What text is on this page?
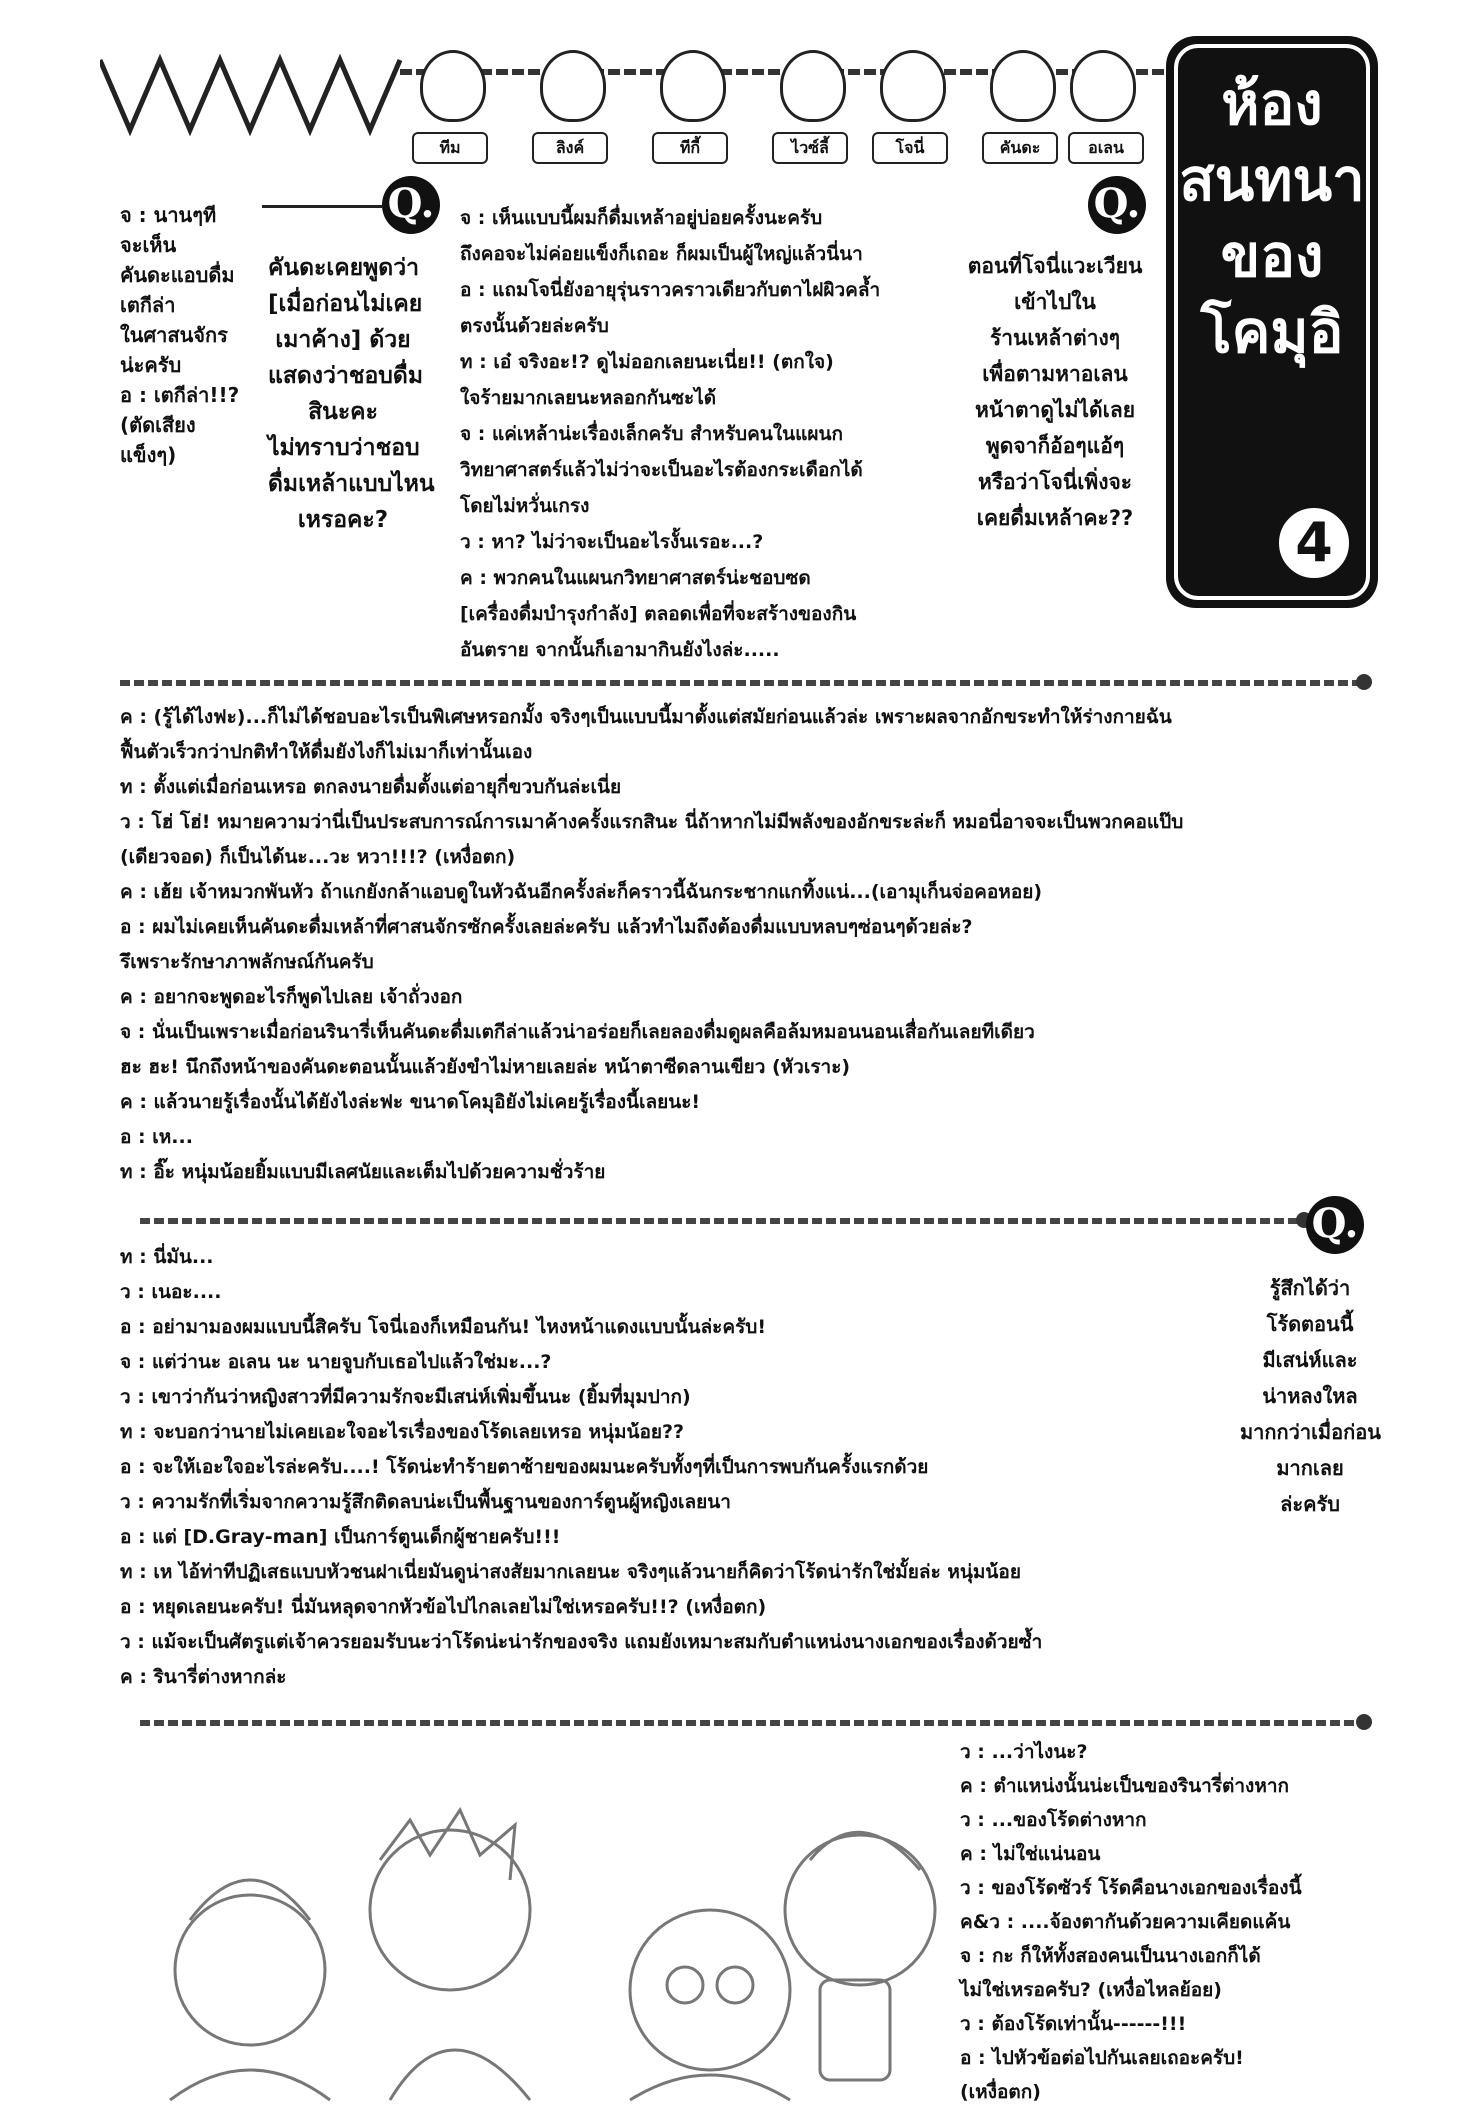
ทีม	ลิงค์	ทีกี้	ไวซ์ลี้	โจนี่	คันดะ	อเลน
ห้อง
สนทนา
ของ
โคมุอิ
4
จ : นานๆที
จะเห็น
คันดะแอบดื่ม
เตกีล่า
ในศาสนจักร
น่ะครับ
อ : เตกีล่า!!?
(ตัดเสียง
แข็งๆ)
Q.
คันดะเคยพูดว่า
[เมื่อก่อนไม่เคย
เมาค้าง] ด้วย
แสดงว่าชอบดื่ม
สินะคะ
ไม่ทราบว่าชอบ
ดื่มเหล้าแบบไหน
เหรอคะ?
จ : เห็นแบบนี้ผมก็ดื่มเหล้าอยู่บ่อยครั้งนะครับ
ถึงคอจะไม่ค่อยแข็งก็เถอะ ก็ผมเป็นผู้ใหญ่แล้วนี่นา
อ : แถมโจนี่ยังอายุรุ่นราวคราวเดียวกับตาไฝผิวคล้ำ
ตรงนั้นด้วยล่ะครับ
ท : เอ๋ จริงอะ!? ดูไม่ออกเลยนะเนี่ย!! (ตกใจ)
ใจร้ายมากเลยนะหลอกกันซะได้
จ : แค่เหล้าน่ะเรื่องเล็กครับ สำหรับคนในแผนก
วิทยาศาสตร์แล้วไม่ว่าจะเป็นอะไรต้องกระเดือกได้
โดยไม่หวั่นเกรง
ว : หา? ไม่ว่าจะเป็นอะไรงั้นเรอะ...?
ค : พวกคนในแผนกวิทยาศาสตร์น่ะชอบซด
[เครื่องดื่มบำรุงกำลัง] ตลอดเพื่อที่จะสร้างของกิน
อันตราย จากนั้นก็เอามากินยังไงล่ะ.....
Q.
ตอนที่โจนี่แวะเวียน
เข้าไปใน
ร้านเหล้าต่างๆ
เพื่อตามหาอเลน
หน้าตาดูไม่ได้เลย
พูดจาก็อ้อๆแอ้ๆ
หรือว่าโจนี่เพิ่งจะ
เคยดื่มเหล้าคะ??
ค : (รู้ได้ไงฟะ)...ก็ไม่ได้ชอบอะไรเป็นพิเศษหรอกมั้ง จริงๆเป็นแบบนี้มาตั้งแต่สมัยก่อนแล้วล่ะ เพราะผลจากอักขระทำให้ร่างกายฉัน
ฟื้นตัวเร็วกว่าปกติทำให้ดื่มยังไงก็ไม่เมาก็เท่านั้นเอง
ท : ตั้งแต่เมื่อก่อนเหรอ ตกลงนายดื่มตั้งแต่อายุกี่ขวบกันล่ะเนี่ย
ว : โฮ่ โฮ่! หมายความว่านี่เป็นประสบการณ์การเมาค้างครั้งแรกสินะ นี่ถ้าหากไม่มีพลังของอักขระล่ะก็ หมอนี่อาจจะเป็นพวกคอแป๊บ
(เดียวจอด) ก็เป็นได้นะ...วะ หวา!!!? (เหงื่อตก)
ค : เฮ้ย เจ้าหมวกพันหัว ถ้าแกยังกล้าแอบดูในหัวฉันอีกครั้งล่ะก็คราวนี้ฉันกระชากแกทิ้งแน่...(เอามุเก็นจ่อคอหอย)
อ : ผมไม่เคยเห็นคันดะดื่มเหล้าที่ศาสนจักรซักครั้งเลยล่ะครับ แล้วทำไมถึงต้องดื่มแบบหลบๆซ่อนๆด้วยล่ะ?
รึเพราะรักษาภาพลักษณ์กันครับ
ค : อยากจะพูดอะไรก็พูดไปเลย เจ้าถั่วงอก
จ : นั่นเป็นเพราะเมื่อก่อนรินารี่เห็นคันดะดื่มเตกีล่าแล้วน่าอร่อยก็เลยลองดื่มดูผลคือล้มหมอนนอนเสื่อกันเลยทีเดียว
ฮะ ฮะ! นึกถึงหน้าของคันดะตอนนั้นแล้วยังขำไม่หายเลยล่ะ หน้าตาซีดลานเขียว (หัวเราะ)
ค : แล้วนายรู้เรื่องนั้นได้ยังไงล่ะฟะ ขนาดโคมุอิยังไม่เคยรู้เรื่องนี้เลยนะ!
อ : เห...
ท : อิ๊ะ หนุ่มน้อยยิ้มแบบมีเลศนัยและเต็มไปด้วยความชั่วร้าย
Q.
ท : นี่มัน...
ว : เนอะ....
อ : อย่ามามองผมแบบนี้สิครับ โจนี่เองก็เหมือนกัน! ไหงหน้าแดงแบบนั้นล่ะครับ!
จ : แต่ว่านะ อเลน นะ นายจูบกับเธอไปแล้วใช่มะ...?
ว : เขาว่ากันว่าหญิงสาวที่มีความรักจะมีเสน่ห์เพิ่มขึ้นนะ (ยิ้มที่มุมปาก)
ท : จะบอกว่านายไม่เคยเอะใจอะไรเรื่องของโร้ดเลยเหรอ หนุ่มน้อย??
อ : จะให้เอะใจอะไรล่ะครับ....! โร้ดน่ะทำร้ายตาซ้ายของผมนะครับทั้งๆที่เป็นการพบกันครั้งแรกด้วย
ว : ความรักที่เริ่มจากความรู้สึกติดลบน่ะเป็นพื้นฐานของการ์ตูนผู้หญิงเลยนา
อ : แต่ [D.Gray-man] เป็นการ์ตูนเด็กผู้ชายครับ!!!
ท : เห ไอ้ท่าทีปฏิเสธแบบหัวชนฝาเนี่ยมันดูน่าสงสัยมากเลยนะ จริงๆแล้วนายก็คิดว่าโร้ดน่ารักใช่มั้ยล่ะ หนุ่มน้อย
อ : หยุดเลยนะครับ! นี่มันหลุดจากหัวข้อไปไกลเลยไม่ใช่เหรอครับ!!? (เหงื่อตก)
ว : แม้จะเป็นศัตรูแต่เจ้าควรยอมรับนะว่าโร้ดน่ะน่ารักของจริง แถมยังเหมาะสมกับตำแหน่งนางเอกของเรื่องด้วยซ้ำ
ค : รินารี่ต่างหากล่ะ
รู้สึกได้ว่า
โร้ดตอนนี้
มีเสน่ห์และ
น่าหลงใหล
มากกว่าเมื่อก่อน
มากเลย
ล่ะครับ
ว : ...ว่าไงนะ?
ค : ตำแหน่งนั้นน่ะเป็นของรินารี่ต่างหาก
ว : ...ของโร้ดต่างหาก
ค : ไม่ใช่แน่นอน
ว : ของโร้ดซัวร์ โร้ดคือนางเอกของเรื่องนี้
ค&ว : ....จ้องตากันด้วยความเคียดแค้น
จ : กะ ก็ให้ทั้งสองคนเป็นนางเอกก็ได้
ไม่ใช่เหรอครับ? (เหงื่อไหลย้อย)
ว : ต้องโร้ดเท่านั้น------!!!
อ : ไปหัวข้อต่อไปกันเลยเถอะครับ!
(เหงื่อตก)
